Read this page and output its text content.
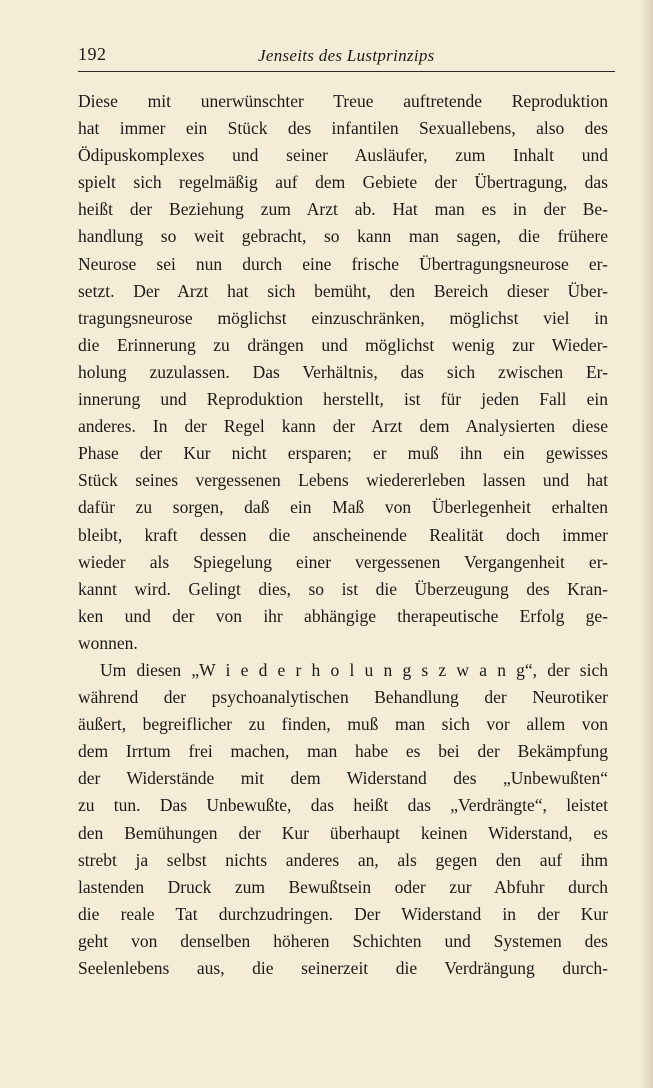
192	Jenseits des Lustprinzips
Diese mit unerwünschter Treue auftretende Reproduktion
hat immer ein Stück des infantilen Sexuallebens, also des
Ödipuskomplexes und seiner Ausläufer, zum Inhalt und
spielt sich regelmäßig auf dem Gebiete der Übertragung, das
heißt der Beziehung zum Arzt ab. Hat man es in der Be-
handlung so weit gebracht, so kann man sagen, die frühere
Neurose sei nun durch eine frische Übertragungsneurose er-
setzt. Der Arzt hat sich bemüht, den Bereich dieser Über-
tragungsneurose möglichst einzuschränken, möglichst viel in
die Erinnerung zu drängen und möglichst wenig zur Wieder-
holung zuzulassen. Das Verhältnis, das sich zwischen Er-
innerung und Reproduktion herstellt, ist für jeden Fall ein
anderes. In der Regel kann der Arzt dem Analysierten diese
Phase der Kur nicht ersparen; er muß ihn ein gewisses
Stück seines vergessenen Lebens wiedererleben lassen und hat
dafür zu sorgen, daß ein Maß von Überlegenheit erhalten
bleibt, kraft dessen die anscheinende Realität doch immer
wieder als Spiegelung einer vergessenen Vergangenheit er-
kannt wird. Gelingt dies, so ist die Überzeugung des Kran-
ken und der von ihr abhängige therapeutische Erfolg ge-
wonnen.
Um diesen „W i e d e r h o l u n g s z w a n g“, der sich
während der psychoanalytischen Behandlung der Neurotiker
äußert, begreiflicher zu finden, muß man sich vor allem von
dem Irrtum frei machen, man habe es bei der Bekämpfung
der Widerstände mit dem Widerstand des „Unbewußten“
zu tun. Das Unbewußte, das heißt das „Verdrängte“, leistet
den Bemühungen der Kur überhaupt keinen Widerstand, es
strebt ja selbst nichts anderes an, als gegen den auf ihm
lastenden Druck zum Bewußtsein oder zur Abfuhr durch
die reale Tat durchzudringen. Der Widerstand in der Kur
geht von denselben höheren Schichten und Systemen des
Seelenlebens aus, die seinerzeit die Verdrängung durch-
